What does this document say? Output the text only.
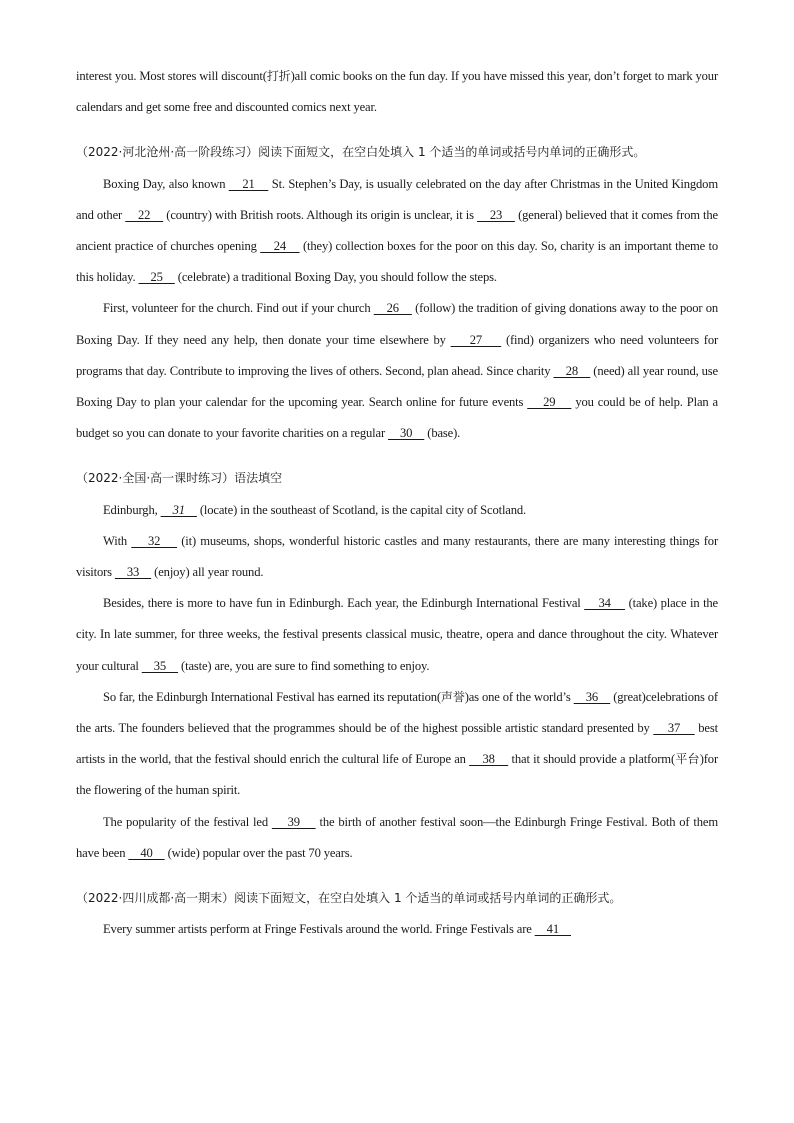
interest you. Most stores will discount(打折)all comic books on the fun day. If you have missed this year, don’t forget to mark your calendars and get some free and discounted comics next year.

（2022·河北沧州·高一阶段练习）阅读下面短文，在空白处填入 1 个适当的单词或括号内单词的正确形式。

Boxing Day, also known     21     St. Stephen’s Day, is usually celebrated on the day after Christmas in the United Kingdom and other     22     (country) with British roots. Although its origin is unclear, it is     23     (general) believed that it comes from the ancient practice of churches opening     24     (they) collection boxes for the poor on this day. So, charity is an important theme to this holiday.     25     (celebrate) a traditional Boxing Day, you should follow the steps.

First, volunteer for the church. Find out if your church     26     (follow) the tradition of giving donations away to the poor on Boxing Day. If they need any help, then donate your time elsewhere by     27     (find) organizers who need volunteers for programs that day. Contribute to improving the lives of others. Second, plan ahead. Since charity     28     (need) all year round, use Boxing Day to plan your calendar for the upcoming year. Search online for future events     29     you could be of help. Plan a budget so you can donate to your favorite charities on a regular     30     (base).

（2022·全国·高一课时练习）语法填空

Edinburgh,     31     (locate) in the southeast of Scotland, is the capital city of Scotland.

With     32     (it) museums, shops, wonderful historic castles and many restaurants, there are many interesting things for visitors     33     (enjoy) all year round.

Besides, there is more to have fun in Edinburgh. Each year, the Edinburgh International Festival     34     (take) place in the city. In late summer, for three weeks, the festival presents classical music, theatre, opera and dance throughout the city. Whatever your cultural     35     (taste) are, you are sure to find something to enjoy.

So far, the Edinburgh International Festival has earned its reputation(声誉)as one of the world’s     36     (great)celebrations of the arts. The founders believed that the programmes should be of the highest possible artistic standard presented by     37     best artists in the world, that the festival should enrich the cultural life of Europe an     38     that it should provide a platform(平台)for the flowering of the human spirit.

The popularity of the festival led     39     the birth of another festival soon—the Edinburgh Fringe Festival. Both of them have been     40     (wide) popular over the past 70 years.

（2022·四川成都·高一期末）阅读下面短文，在空白处填入 1 个适当的单词或括号内单词的正确形式。

Every summer artists perform at Fringe Festivals around the world. Fringe Festivals are     41
